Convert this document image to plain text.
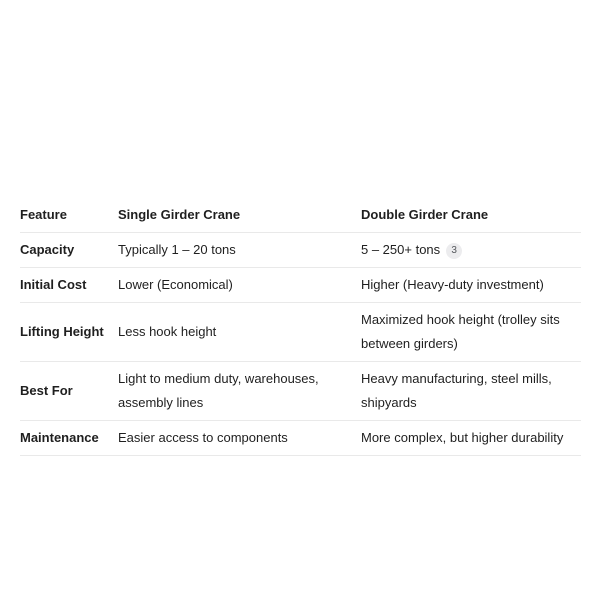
Feature	Single Girder Crane	Double Girder Crane
Capacity	Typically 1 – 20 tons	5 – 250+ tons 3
Initial Cost	Lower (Economical)	Higher (Heavy-duty investment)
Lifting Height	Less hook height	Maximized hook height (trolley sits between girders)
Best For	Light to medium duty, warehouses, assembly lines	Heavy manufacturing, steel mills, shipyards
Maintenance	Easier access to components	More complex, but higher durability
